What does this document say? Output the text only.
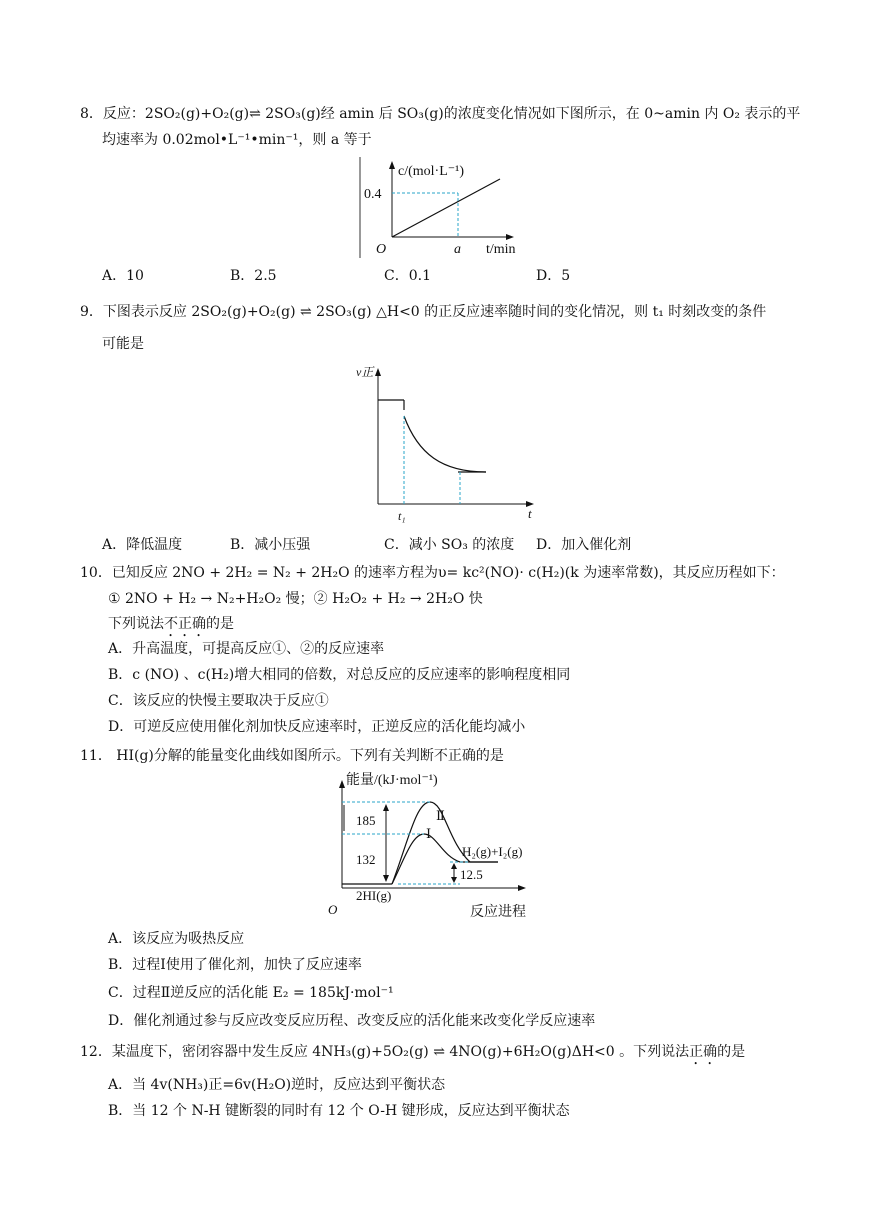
8．反应：2SO₂(g)+O₂(g)⇌ 2SO₃(g)经 amin 后 SO₃(g)的浓度变化情况如下图所示，在 0~amin 内 O₂ 表示的平
均速率为 0.02mol•L⁻¹•min⁻¹，则 a 等于
c/(mol·L⁻¹)
0.4
O	a t/min
A．10	B．2.5	C．0.1	D．5
9．下图表示反应 2SO₂(g)+O₂(g) ⇌ 2SO₃(g) △H<0 的正反应速率随时间的变化情况，则 t₁ 时刻改变的条件
可能是
v正
t₁	t
A．降低温度	B．减小压强	C．减小 SO₃ 的浓度 D．加入催化剂
10．已知反应 2NO + 2H₂ = N₂ + 2H₂O 的速率方程为υ= kc²(NO)· c(H₂)(k 为速率常数)，其反应历程如下：
① 2NO + H₂ → N₂+H₂O₂ 慢；② H₂O₂ + H₂ → 2H₂O 快
下列说法不正确的是
A．升高温度，可提高反应①、②的反应速率
B．c (NO) 、c(H₂)增大相同的倍数，对总反应的反应速率的影响程度相同
C．该反应的快慢主要取决于反应①
D．可逆反应使用催化剂加快反应速率时，正逆反应的活化能均减小
11． HI(g)分解的能量变化曲线如图所示。下列有关判断不正确的是
能量/(kJ·mol⁻¹)
185
132
12.5
Ⅱ
Ⅰ
H₂(g)+I₂(g)
2HI(g)
O	反应进程
A．该反应为吸热反应
B．过程Ⅰ使用了催化剂，加快了反应速率
C．过程Ⅱ逆反应的活化能 E₂ = 185kJ·mol⁻¹
D．催化剂通过参与反应改变反应历程、改变反应的活化能来改变化学反应速率
12．某温度下，密闭容器中发生反应 4NH₃(g)+5O₂(g) ⇌ 4NO(g)+6H₂O(g)ΔH<0 。下列说法正确的是
A．当 4v(NH₃)正=6v(H₂O)逆时，反应达到平衡状态
B．当 12 个 N-H 键断裂的同时有 12 个 O-H 键形成，反应达到平衡状态
